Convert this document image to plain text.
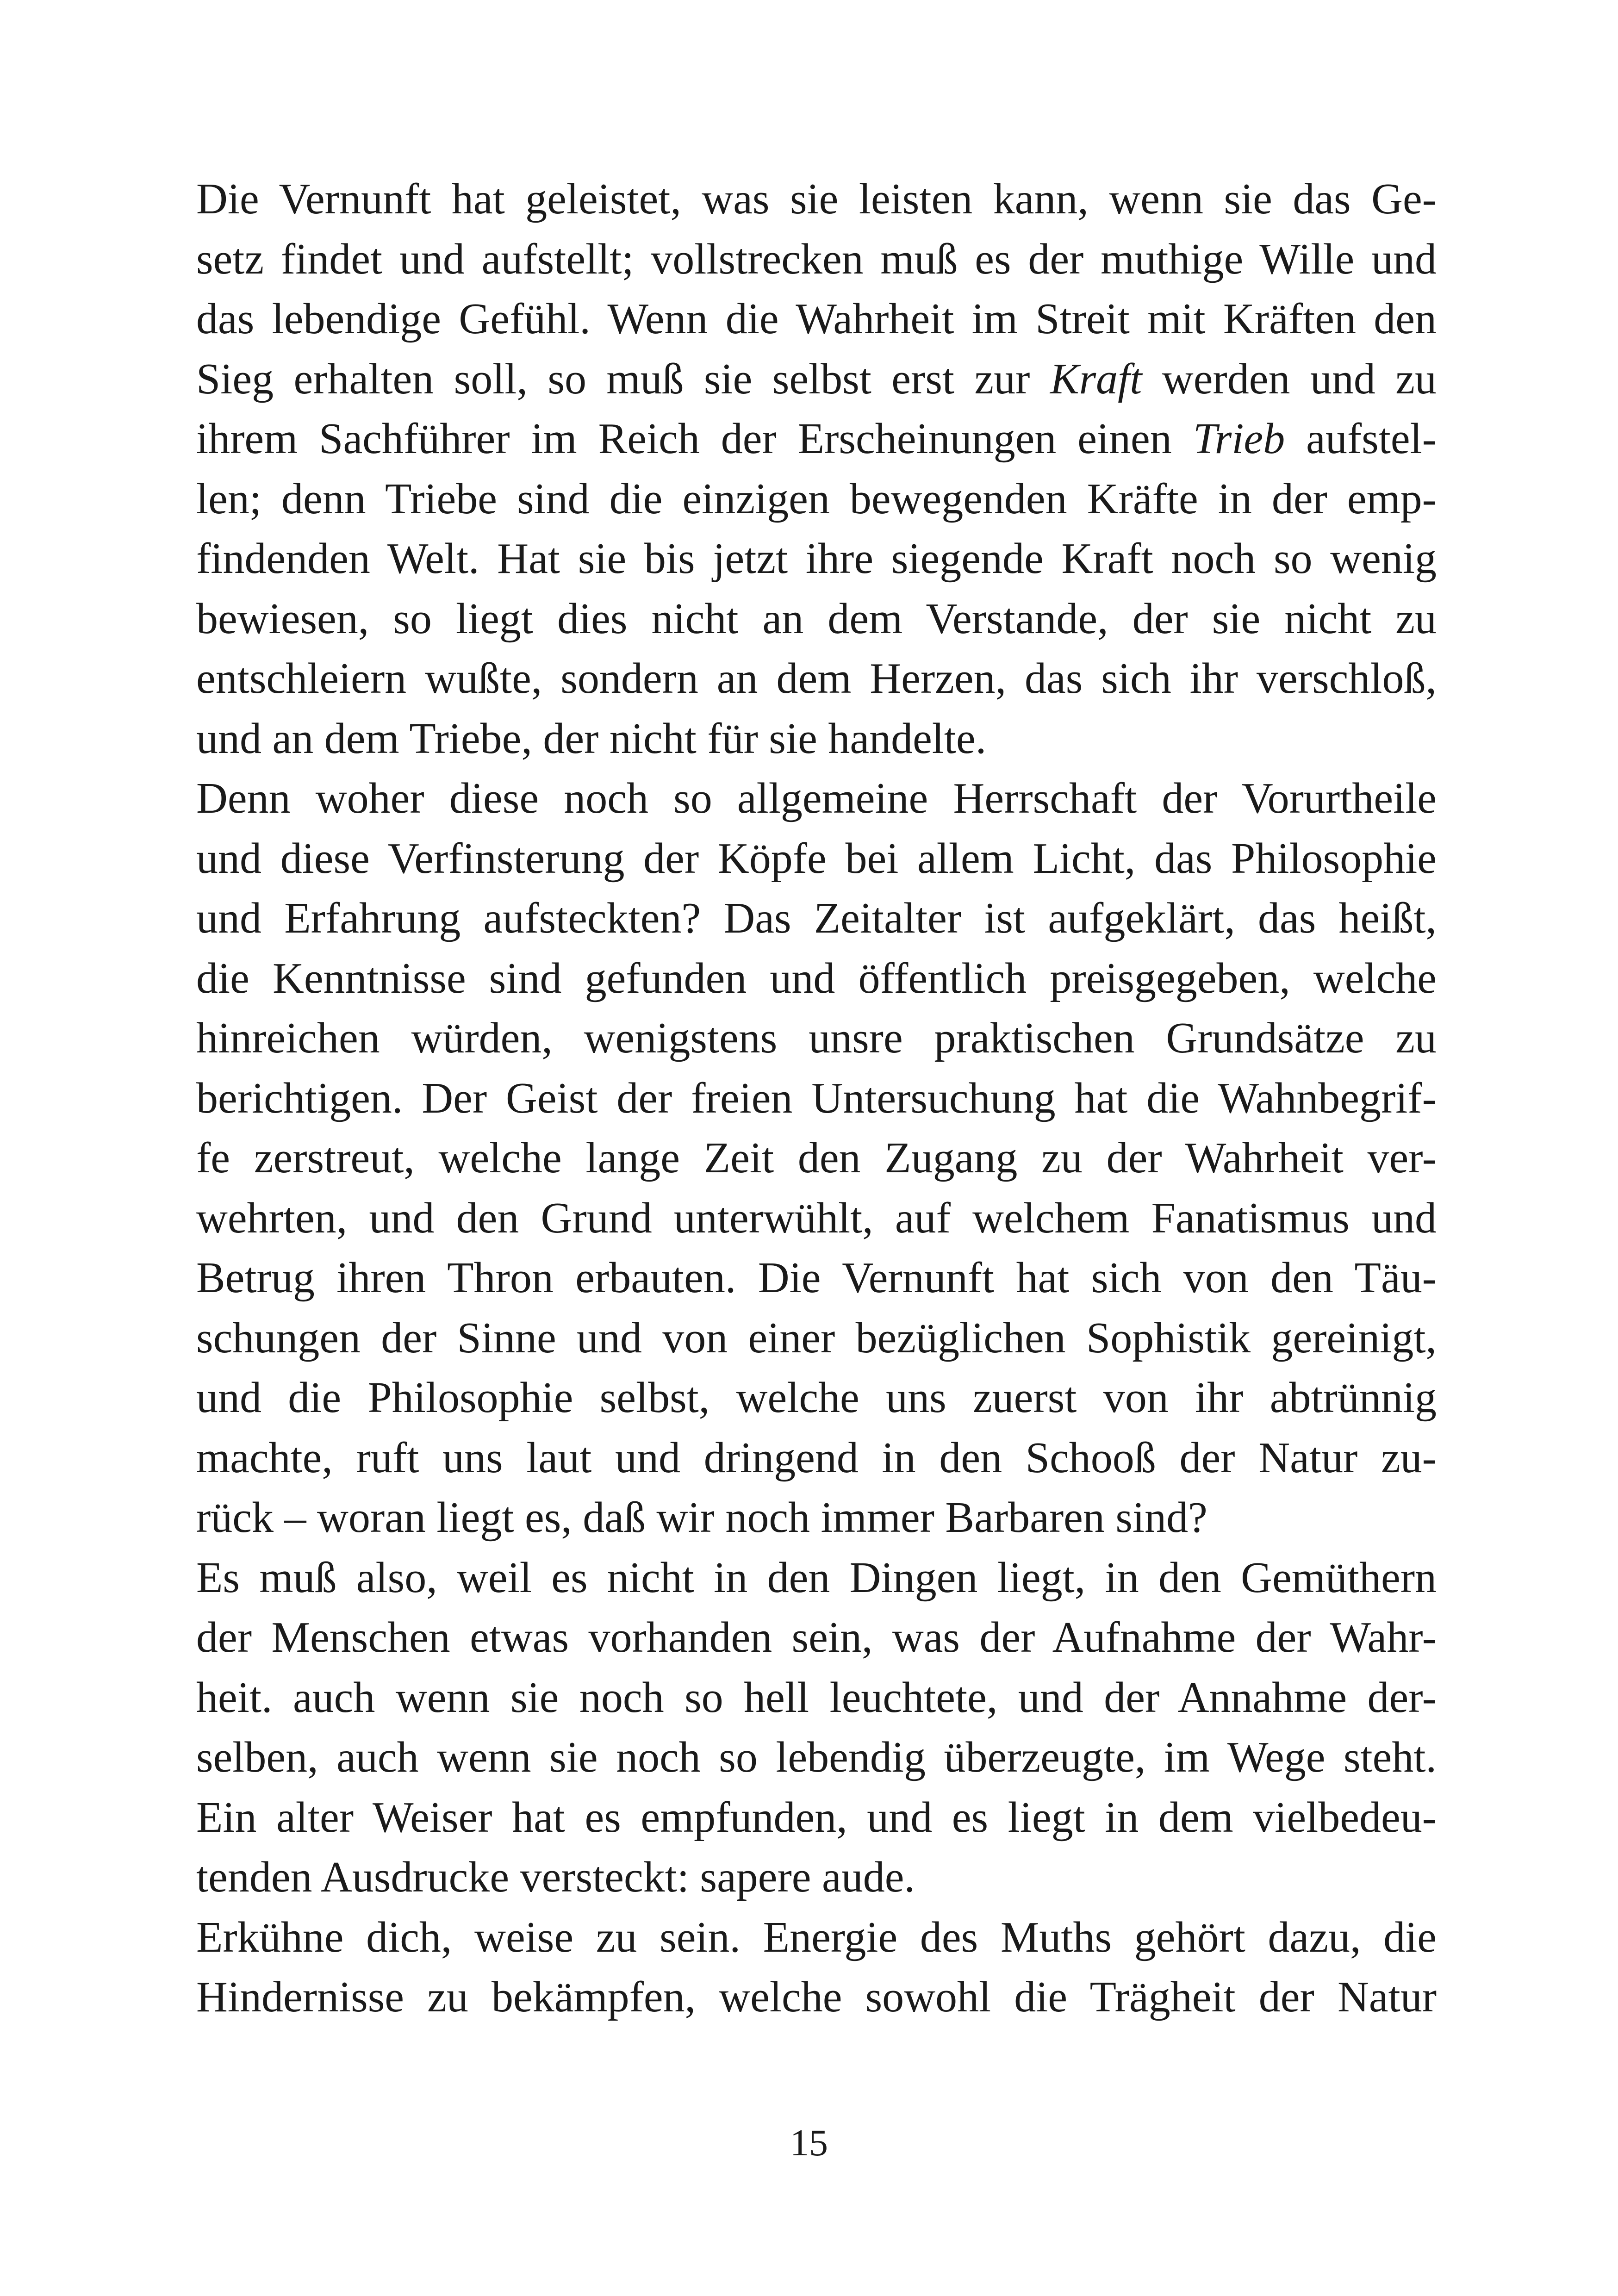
Die Vernunft hat geleistet, was sie leisten kann, wenn sie das Ge-
setz findet und aufstellt; vollstrecken muß es der muthige Wille und
das lebendige Gefühl. Wenn die Wahrheit im Streit mit Kräften den
Sieg erhalten soll, so muß sie selbst erst zur Kraft werden und zu
ihrem Sachführer im Reich der Erscheinungen einen Trieb aufstel-
len; denn Triebe sind die einzigen bewegenden Kräfte in der emp-
findenden Welt. Hat sie bis jetzt ihre siegende Kraft noch so wenig
bewiesen, so liegt dies nicht an dem Verstande, der sie nicht zu
entschleiern wußte, sondern an dem Herzen, das sich ihr verschloß,
und an dem Triebe, der nicht für sie handelte.

Denn woher diese noch so allgemeine Herrschaft der Vorurtheile
und diese Verfinsterung der Köpfe bei allem Licht, das Philosophie
und Erfahrung aufsteckten? Das Zeitalter ist aufgeklärt, das heißt,
die Kenntnisse sind gefunden und öffentlich preisgegeben, welche
hinreichen würden, wenigstens unsre praktischen Grundsätze zu
berichtigen. Der Geist der freien Untersuchung hat die Wahnbegrif-
fe zerstreut, welche lange Zeit den Zugang zu der Wahrheit ver-
wehrten, und den Grund unterwühlt, auf welchem Fanatismus und
Betrug ihren Thron erbauten. Die Vernunft hat sich von den Täu-
schungen der Sinne und von einer bezüglichen Sophistik gereinigt,
und die Philosophie selbst, welche uns zuerst von ihr abtrünnig
machte, ruft uns laut und dringend in den Schooß der Natur zu-
rück – woran liegt es, daß wir noch immer Barbaren sind?

Es muß also, weil es nicht in den Dingen liegt, in den Gemüthern
der Menschen etwas vorhanden sein, was der Aufnahme der Wahr-
heit. auch wenn sie noch so hell leuchtete, und der Annahme der-
selben, auch wenn sie noch so lebendig überzeugte, im Wege steht.
Ein alter Weiser hat es empfunden, und es liegt in dem vielbedeu-
tenden Ausdrucke versteckt: sapere aude.

Erkühne dich, weise zu sein. Energie des Muths gehört dazu, die
Hindernisse zu bekämpfen, welche sowohl die Trägheit der Natur

15
